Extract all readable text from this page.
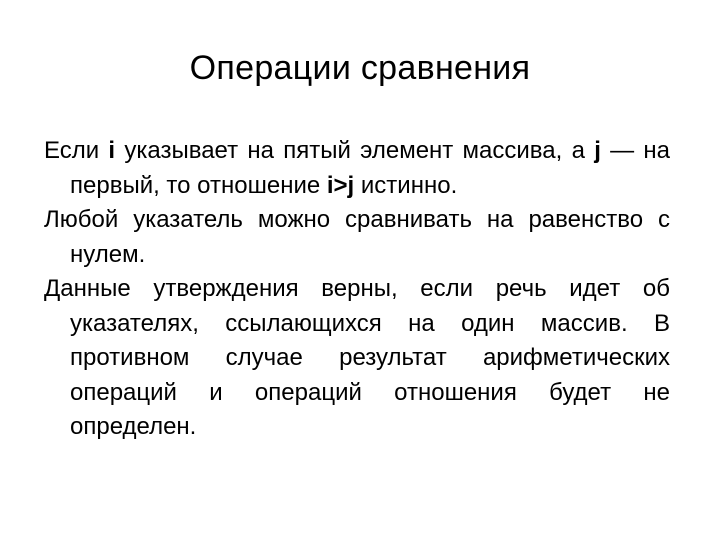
Операции сравнения

Если i указывает на пятый элемент массива, а j — на первый, то отношение i>j истинно.

Любой указатель можно сравнивать на равенство с нулем.

Данные утверждения верны, если речь идет об указателях, ссылающихся на один массив. В противном случае результат арифметических операций и операций отношения будет не определен.
